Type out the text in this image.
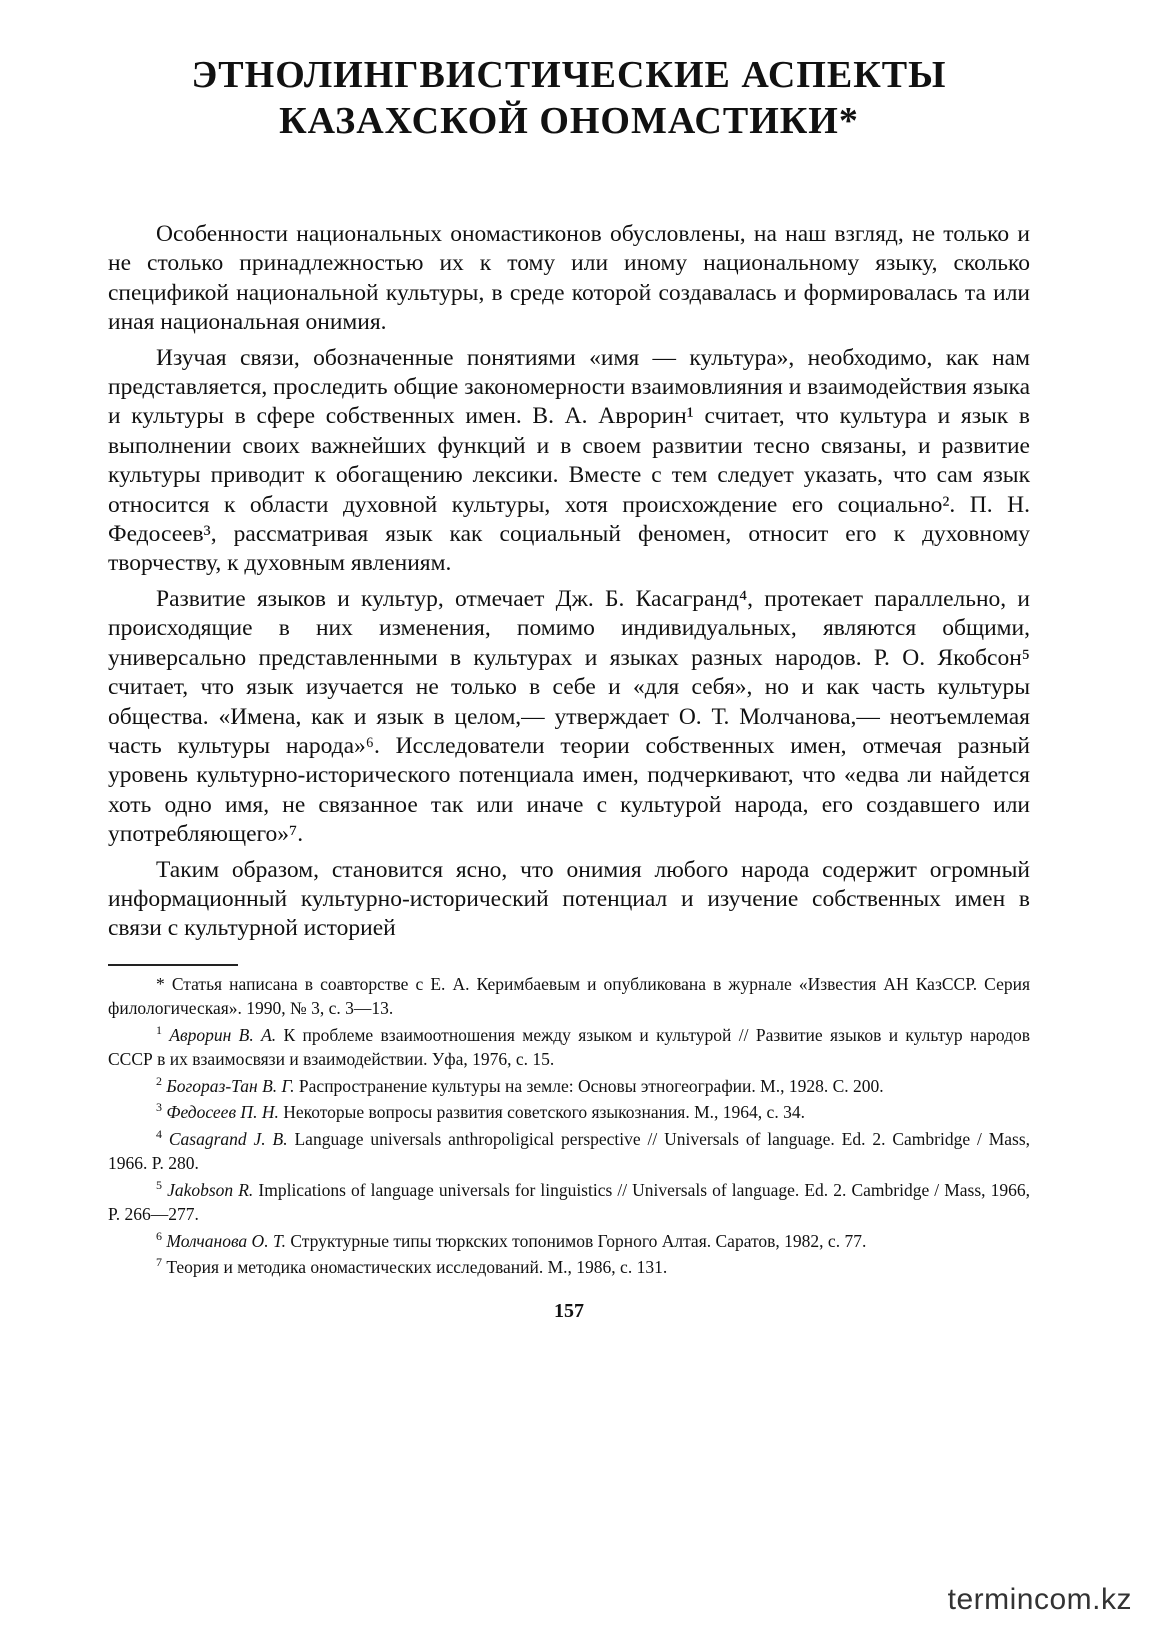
ЭТНОЛИНГВИСТИЧЕСКИЕ АСПЕКТЫ
КАЗАХСКОЙ ОНОМАСТИКИ*

Особенности национальных ономастиконов обусловлены, на наш взгляд, не только и не столько принадлежностью их к тому или иному национальному языку, сколько спецификой национальной культуры, в среде которой создавалась и формировалась та или иная национальная онимия.

Изучая связи, обозначенные понятиями «имя — культура», необходимо, как нам представляется, проследить общие закономерности взаимовлияния и взаимодействия языка и культуры в сфере собственных имен. В. А. Аврорин¹ считает, что культура и язык в выполнении своих важнейших функций и в своем развитии тесно связаны, и развитие культуры приводит к обогащению лексики. Вместе с тем следует указать, что сам язык относится к области духовной культуры, хотя происхождение его социально². П. Н. Федосеев³, рассматривая язык как социальный феномен, относит его к духовному творчеству, к духовным явлениям.

Развитие языков и культур, отмечает Дж. Б. Касагранд⁴, протекает параллельно, и происходящие в них изменения, помимо индивидуальных, являются общими, универсально представленными в культурах и языках разных народов. Р. О. Якобсон⁵ считает, что язык изучается не только в себе и «для себя», но и как часть культуры общества. «Имена, как и язык в целом,— утверждает О. Т. Молчанова,— неотъемлемая часть культуры народа»⁶. Исследователи теории собственных имен, отмечая разный уровень культурно-исторического потенциала имен, подчеркивают, что «едва ли найдется хоть одно имя, не связанное так или иначе с культурой народа, его создавшего или употребляющего»⁷.

Таким образом, становится ясно, что онимия любого народа содержит огромный информационный культурно-исторический потенциал и изучение собственных имен в связи с культурной историей

* Статья написана в соавторстве с Е. А. Керимбаевым и опубликована в журнале «Известия АН КазССР. Серия филологическая». 1990, № 3, с. 3—13.

$^1$ Аврорин В. А. К проблеме взаимоотношения между языком и культурой // Развитие языков и культур народов СССР в их взаимосвязи и взаимодействии. Уфа, 1976, с. 15.

$^2$ Богораз-Тан В. Г. Распространение культуры на земле: Основы этногеографии. М., 1928. С. 200.

$^3$ Федосеев П. Н. Некоторые вопросы развития советского языкознания. М., 1964, с. 34.

$^4$ Casagrand J. B. Language universals anthropoligical perspective // Universals of language. Ed. 2. Cambridge / Mass, 1966. P. 280.

$^5$ Jakobson R. Implications of language universals for linguistics // Universals of language. Ed. 2. Cambridge / Mass, 1966, P. 266—277.

$^6$ Молчанова О. Т. Структурные типы тюркских топонимов Горного Алтая. Саратов, 1982, с. 77.

$^7$ Теория и методика ономастических исследований. М., 1986, с. 131.

157
termincom.kz
